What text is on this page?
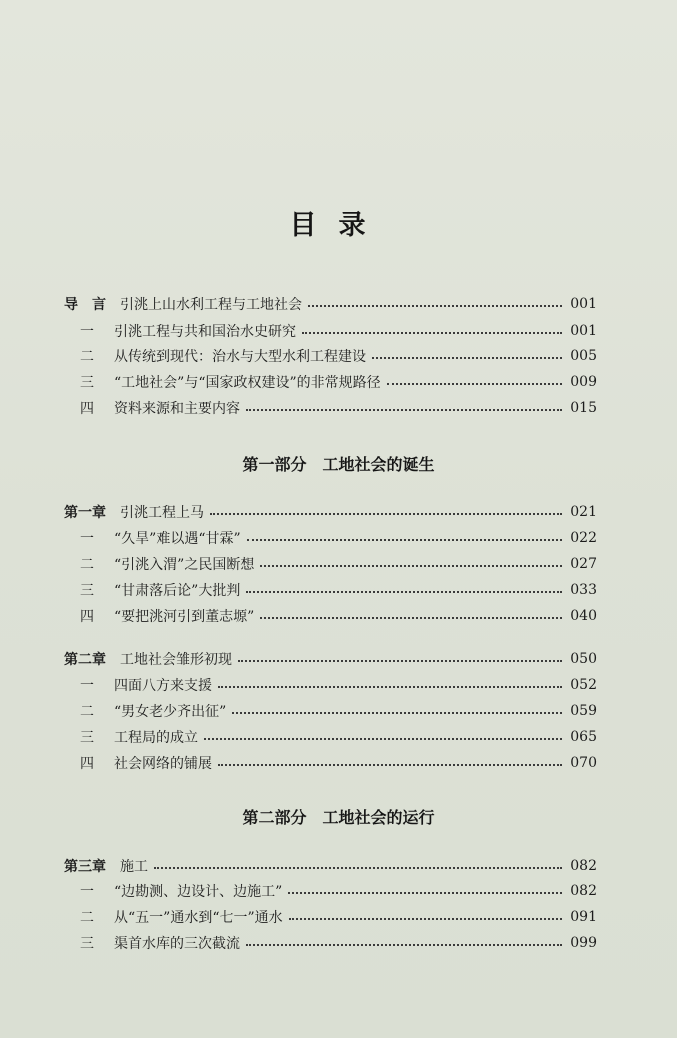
目录
导　言 引洮上山水利工程与工地社会	001
一	引洮工程与共和国治水史研究	001
二	从传统到现代：治水与大型水利工程建设	005
三	“工地社会”与“国家政权建设”的非常规路径	009
四	资料来源和主要内容	015
第一部分 工地社会的诞生
第一章 引洮工程上马	021
一	“久旱”难以遇“甘霖”	022
二	“引洮入渭”之民国断想	027
三	“甘肃落后论”大批判	033
四	“要把洮河引到董志塬”	040
第二章 工地社会雏形初现	050
一	四面八方来支援	052
二	“男女老少齐出征”	059
三	工程局的成立	065
四	社会网络的铺展	070
第二部分 工地社会的运行
第三章 施工	082
一	“边勘测、边设计、边施工”	082
二	从“五一”通水到“七一”通水	091
三	渠首水库的三次截流	099
